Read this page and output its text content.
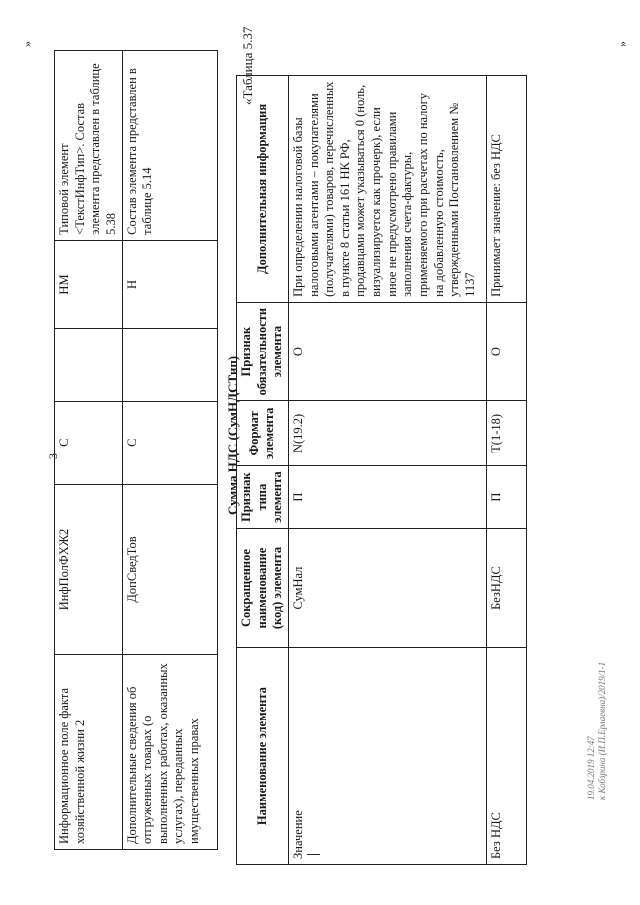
3
Информационное поле факта хозяйственной жизни 2	ИнфПолФХЖ2	С		НМ	Типовой элемент <ТекстИнфТип>. Состав элемента представлен в таблице 5.38
Дополнительные сведения об отгруженных товарах (о выполненных работах, оказанных услугах), переданных имущественных правах	ДопСведТов	С		Н	Состав элемента представлен в таблице 5.14
»
Сумма НДС (СумНДСТип)
«Таблица 5.37
Наименование элемента	Сокращенное наименование (код) элемента	Признак типа элемента	Формат элемента	Признак обязательности элемента	Дополнительная информация
Значение	СумНал	П	N(19.2)	О	При определении налоговой базы налоговыми агентами – покупателями (получателями) товаров, перечисленных в пункте 8 статьи 161 НК РФ, продавцами может указываться 0 (ноль, визуализируется как прочерк), если иное не предусмотрено правилами заполнения счета-фактуры, применяемого при расчетах по налогу на добавленную стоимость, утвержденными Постановлением № 1137
Без НДС	БезНДС	П	T(1-18)	О	Принимает значение: без НДС
»
19.04.2019 12:47 к Кобзрина (И.П.Ерлаевна)/2019/1-1
